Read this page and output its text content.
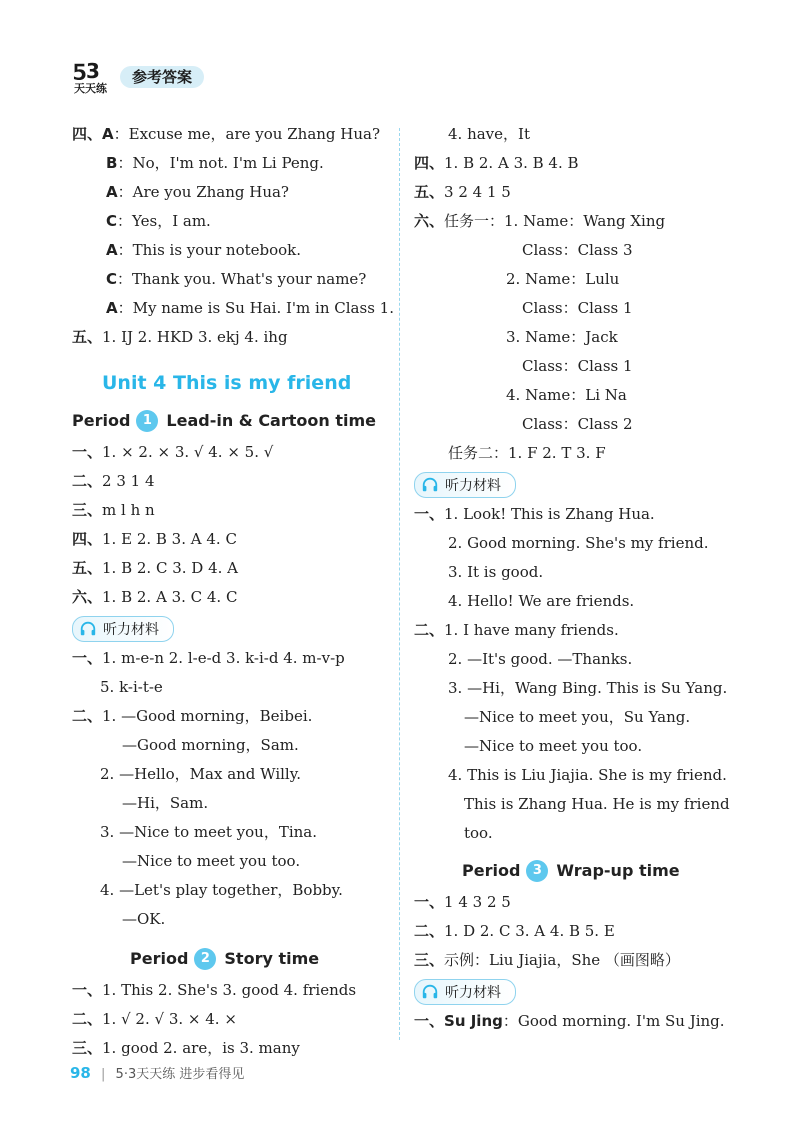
5
3
天天练
参考答案
四、A：Excuse me，are you Zhang Hua?
B：No，I'm not. I'm Li Peng.
A：Are you Zhang Hua?
C：Yes，I am.
A：This is your notebook.
C：Thank you. What's your name?
A：My name is Su Hai. I'm in Class 1.
五、1. IJ 2. HKD 3. ekj 4. ihg
Unit 4 This is my friend
Period 1 Lead-in & Cartoon time
一、1. × 2. × 3. √ 4. × 5. √
二、2 3 1 4
三、m l h n
四、1. E 2. B 3. A 4. C
五、1. B 2. C 3. D 4. A
六、1. B 2. A 3. C 4. C
听力材料
一、1. m-e-n 2. l-e-d 3. k-i-d 4. m-v-p
5. k-i-t-e
二、1. —Good morning，Beibei.
—Good morning，Sam.
2. —Hello，Max and Willy.
—Hi，Sam.
3. —Nice to meet you，Tina.
—Nice to meet you too.
4. —Let's play together，Bobby.
—OK.
Period 2 Story time
一、1. This 2. She's 3. good 4. friends
二、1. √ 2. √ 3. × 4. ×
三、1. good 2. are，is 3. many
4. have，It
四、1. B 2. A 3. B 4. B
五、3 2 4 1 5
六、任务一：1. Name：Wang Xing
Class：Class 3
2. Name：Lulu
Class：Class 1
3. Name：Jack
Class：Class 1
4. Name：Li Na
Class：Class 2
任务二：1. F 2. T 3. F
听力材料
一、1. Look! This is Zhang Hua.
2. Good morning. She's my friend.
3. It is good.
4. Hello! We are friends.
二、1. I have many friends.
2. —It's good. —Thanks.
3. —Hi，Wang Bing. This is Su Yang.
—Nice to meet you，Su Yang.
—Nice to meet you too.
4. This is Liu Jiajia. She is my friend.
This is Zhang Hua. He is my friend
too.
Period 3 Wrap-up time
一、1 4 3 2 5
二、1. D 2. C 3. A 4. B 5. E
三、示例：Liu Jiajia，She （画图略）
听力材料
一、Su Jing：Good morning. I'm Su Jing.
98 | 5·3天天练 进步看得见
